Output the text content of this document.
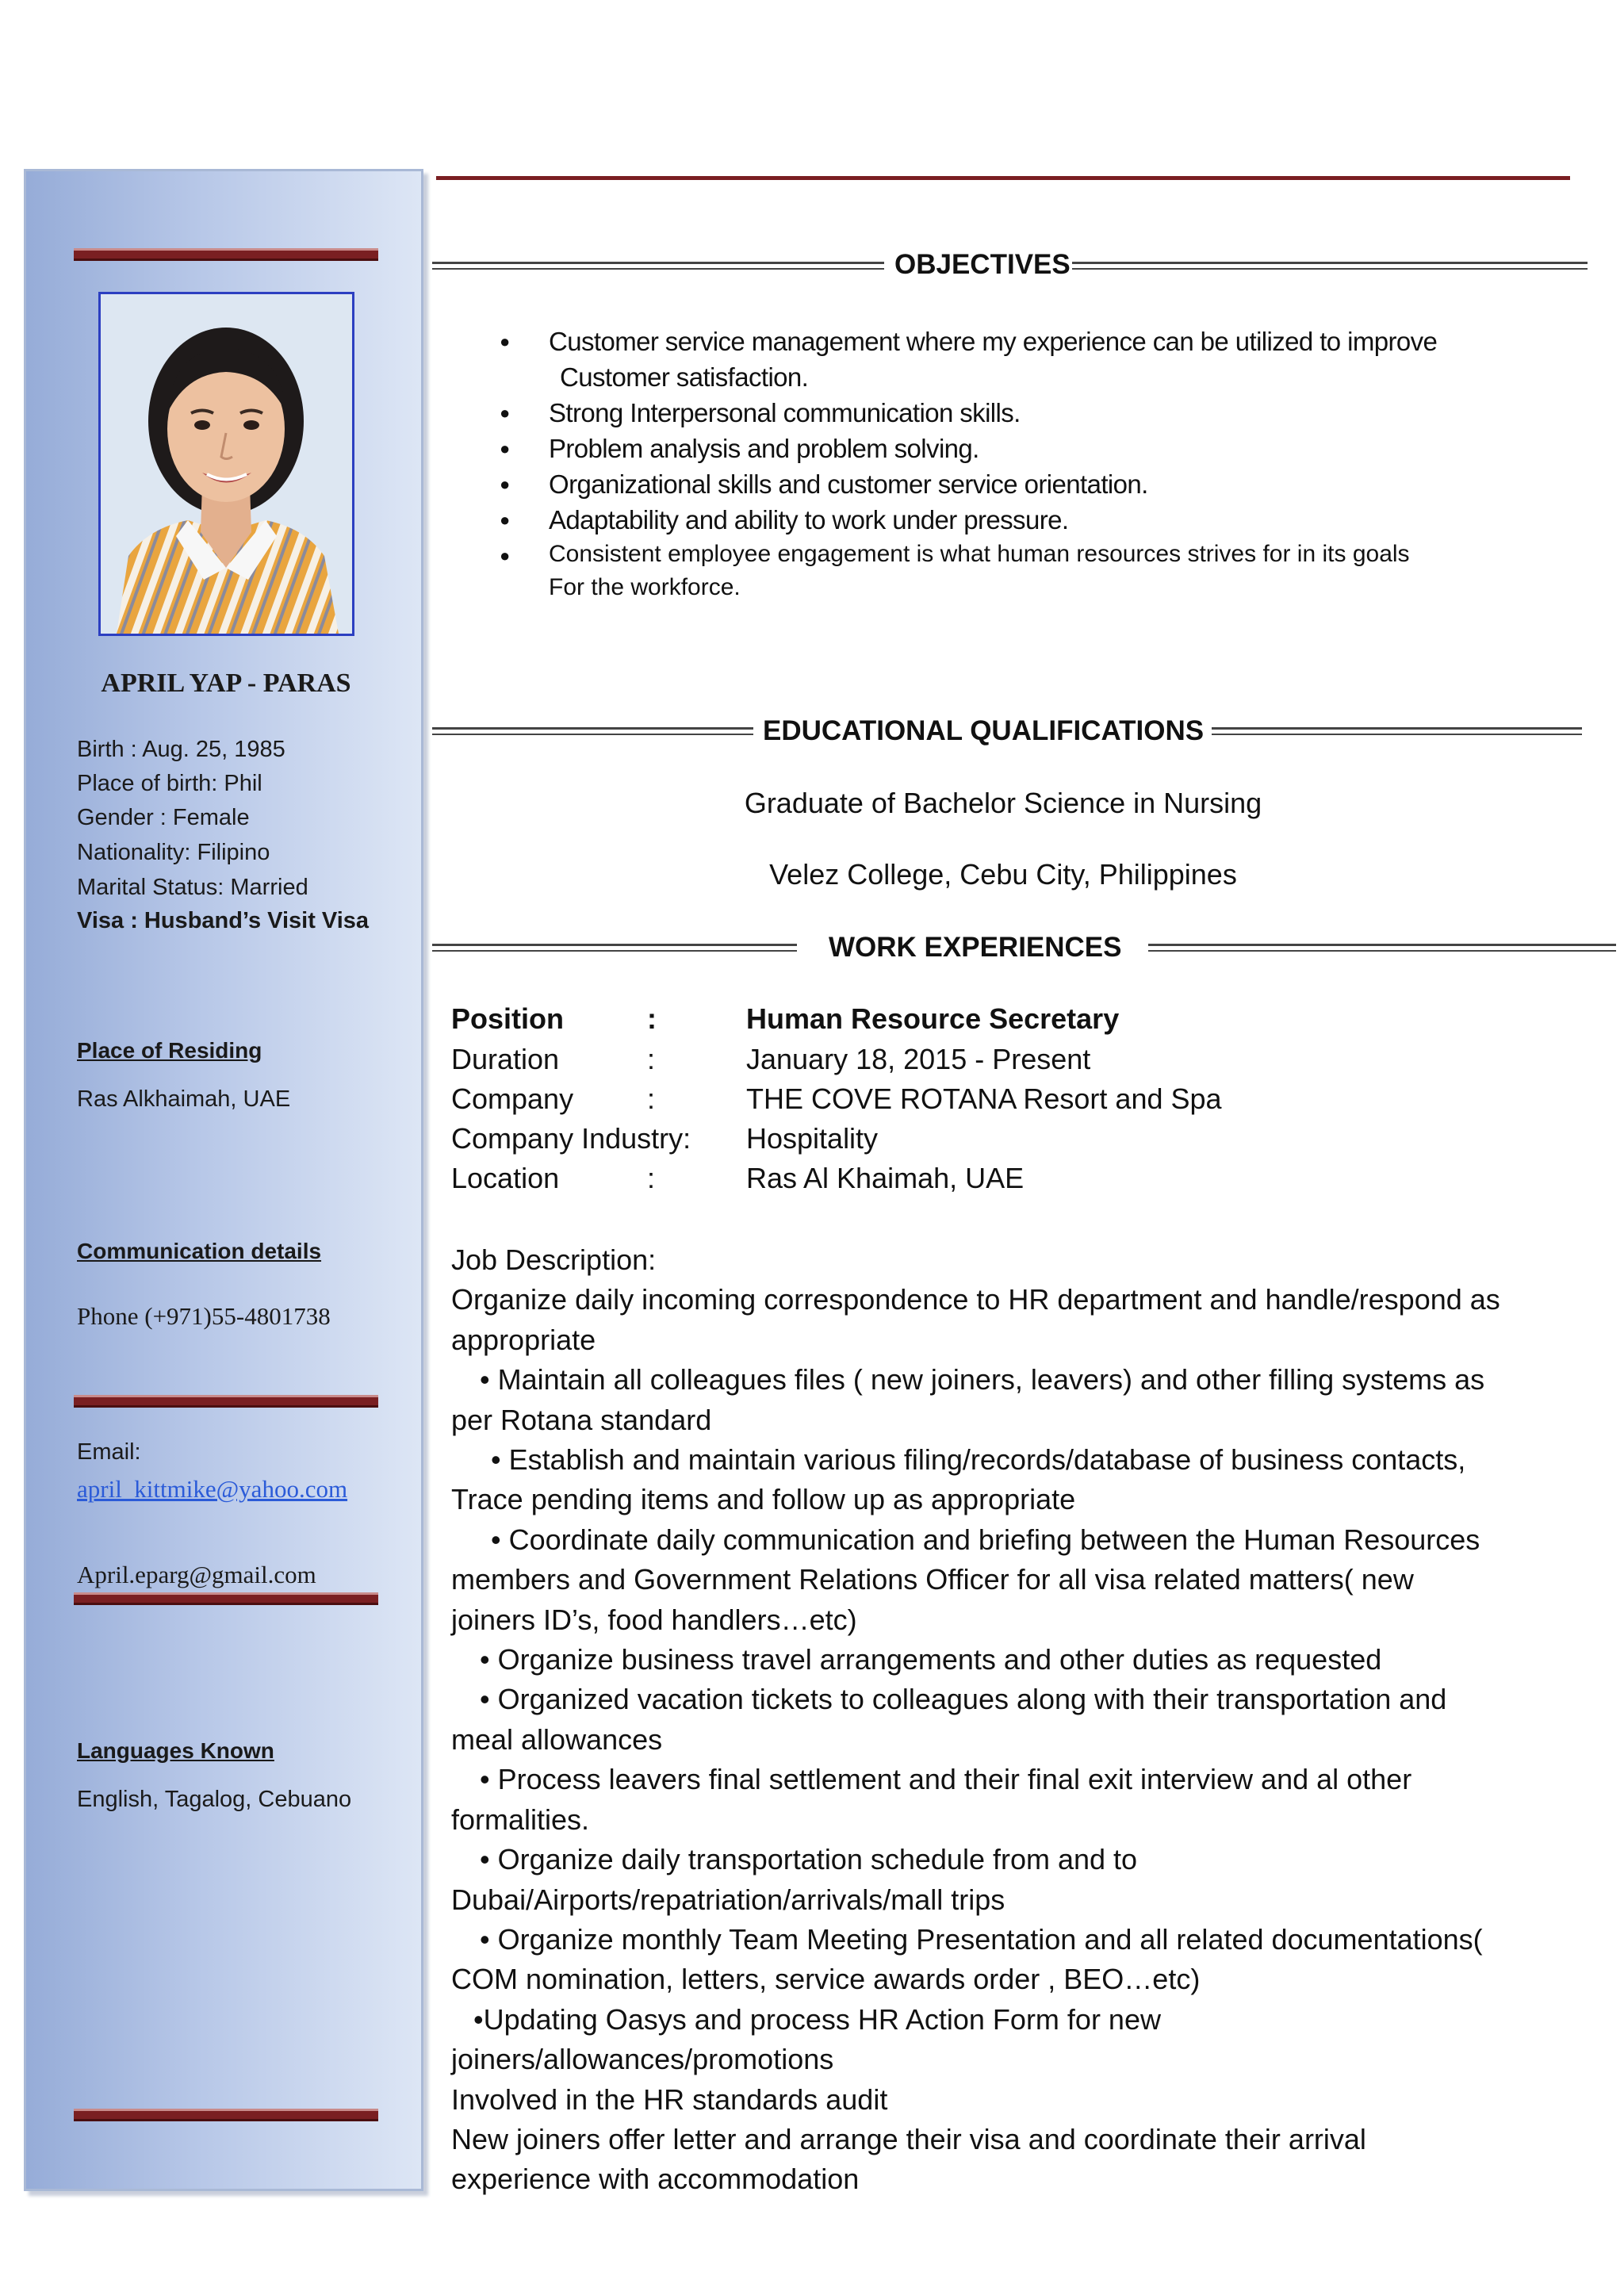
APRIL YAP - PARAS
Birth : Aug. 25, 1985
Place of birth: Phil
Gender : Female
Nationality: Filipino
Marital Status: Married
Visa : Husband’s Visit Visa
Place of Residing
Ras Alkhaimah, UAE
Communication details
Phone (+971)55-4801738
Email:
april_kittmike@yahoo.com
April.eparg@gmail.com
Languages Known
English, Tagalog, Cebuano
OBJECTIVES
● Customer service management where my experience can be utilized to improve
Customer satisfaction.
● Strong Interpersonal communication skills.
● Problem analysis and problem solving.
● Organizational skills and customer service orientation.
● Adaptability and ability to work under pressure.
● Consistent employee engagement is what human resources strives for in its goals
For the workforce.
EDUCATIONAL QUALIFICATIONS
Graduate of Bachelor Science in Nursing
Velez College, Cebu City, Philippines
WORK EXPERIENCES
Position	:	Human Resource Secretary
Duration	:	January 18, 2015 - Present
Company	:	THE COVE ROTANA Resort and Spa
Company Industry: Hospitality
Location	:	Ras Al Khaimah, UAE
Job Description:
Organize daily incoming correspondence to HR department and handle/respond as
appropriate
• Maintain all colleagues files ( new joiners, leavers) and other filling systems as
per Rotana standard
• Establish and maintain various filing/records/database of business contacts,
Trace pending items and follow up as appropriate
• Coordinate daily communication and briefing between the Human Resources
members and Government Relations Officer for all visa related matters( new
joiners ID’s, food handlers…etc)
• Organize business travel arrangements and other duties as requested
• Organized vacation tickets to colleagues along with their transportation and
meal allowances
• Process leavers final settlement and their final exit interview and al other
formalities.
• Organize daily transportation schedule from and to
Dubai/Airports/repatriation/arrivals/mall trips
• Organize monthly Team Meeting Presentation and all related documentations(
COM nomination, letters, service awards order , BEO…etc)
•Updating Oasys and process HR Action Form for new
joiners/allowances/promotions
Involved in the HR standards audit
New joiners offer letter and arrange their visa and coordinate their arrival
experience with accommodation
